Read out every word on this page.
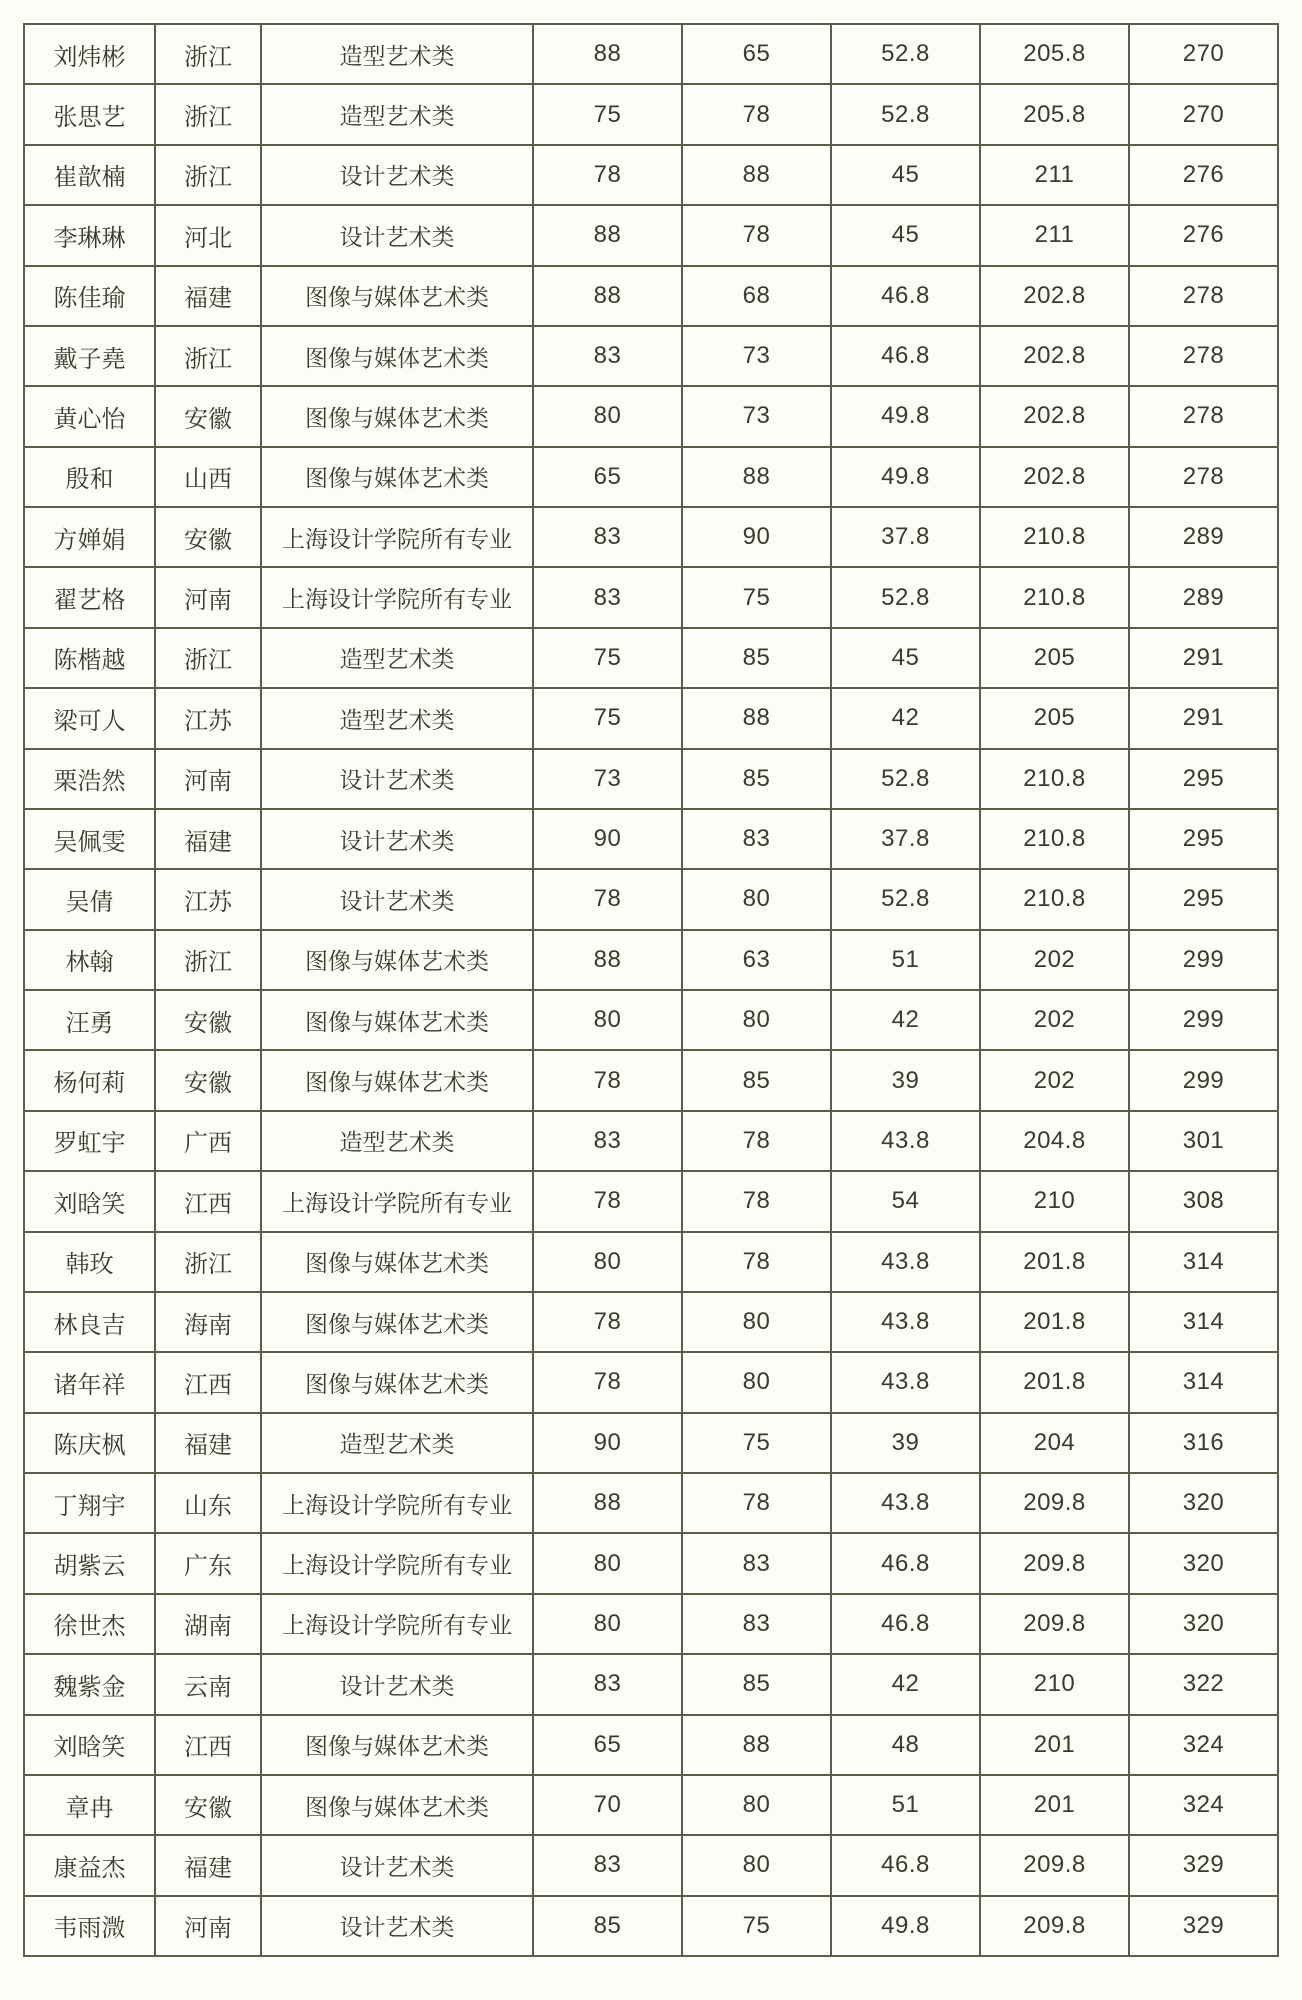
刘炜彬	浙江	造型艺术类	88	65	52.8	205.8	270
张思艺	浙江	造型艺术类	75	78	52.8	205.8	270
崔歆楠	浙江	设计艺术类	78	88	45	211	276
李琳琳	河北	设计艺术类	88	78	45	211	276
陈佳瑜	福建	图像与媒体艺术类	88	68	46.8	202.8	278
戴子堯	浙江	图像与媒体艺术类	83	73	46.8	202.8	278
黄心怡	安徽	图像与媒体艺术类	80	73	49.8	202.8	278
殷和	山西	图像与媒体艺术类	65	88	49.8	202.8	278
方婵娟	安徽	上海设计学院所有专业	83	90	37.8	210.8	289
翟艺格	河南	上海设计学院所有专业	83	75	52.8	210.8	289
陈楷越	浙江	造型艺术类	75	85	45	205	291
梁可人	江苏	造型艺术类	75	88	42	205	291
栗浩然	河南	设计艺术类	73	85	52.8	210.8	295
吴佩雯	福建	设计艺术类	90	83	37.8	210.8	295
吴倩	江苏	设计艺术类	78	80	52.8	210.8	295
林翰	浙江	图像与媒体艺术类	88	63	51	202	299
汪勇	安徽	图像与媒体艺术类	80	80	42	202	299
杨何莉	安徽	图像与媒体艺术类	78	85	39	202	299
罗虹宇	广西	造型艺术类	83	78	43.8	204.8	301
刘晗笑	江西	上海设计学院所有专业	78	78	54	210	308
韩玫	浙江	图像与媒体艺术类	80	78	43.8	201.8	314
林良吉	海南	图像与媒体艺术类	78	80	43.8	201.8	314
诸年祥	江西	图像与媒体艺术类	78	80	43.8	201.8	314
陈庆枫	福建	造型艺术类	90	75	39	204	316
丁翔宇	山东	上海设计学院所有专业	88	78	43.8	209.8	320
胡紫云	广东	上海设计学院所有专业	80	83	46.8	209.8	320
徐世杰	湖南	上海设计学院所有专业	80	83	46.8	209.8	320
魏紫金	云南	设计艺术类	83	85	42	210	322
刘晗笑	江西	图像与媒体艺术类	65	88	48	201	324
章冉	安徽	图像与媒体艺术类	70	80	51	201	324
康益杰	福建	设计艺术类	83	80	46.8	209.8	329
韦雨溦	河南	设计艺术类	85	75	49.8	209.8	329
